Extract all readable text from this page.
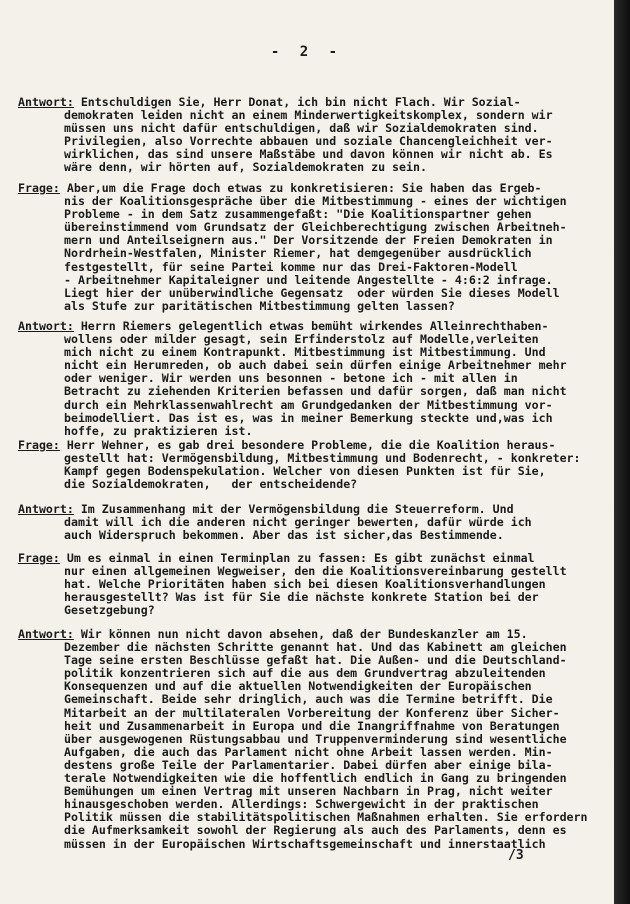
- 2 -
Antwort: Entschuldigen Sie, Herr Donat, ich bin nicht Flach. Wir Sozial-
demokraten leiden nicht an einem Minderwertigkeitskomplex, sondern wir
müssen uns nicht dafür entschuldigen, daß wir Sozialdemokraten sind.
Privilegien, also Vorrechte abbauen und soziale Chancengleichheit ver-
wirklichen, das sind unsere Maßstäbe und davon können wir nicht ab. Es
wäre denn, wir hörten auf, Sozialdemokraten zu sein.
Frage: Aber,um die Frage doch etwas zu konkretisieren: Sie haben das Ergeb-
nis der Koalitionsgespräche über die Mitbestimmung - eines der wichtigen
Probleme - in dem Satz zusammengefaßt: "Die Koalitionspartner gehen
übereinstimmend vom Grundsatz der Gleichberechtigung zwischen Arbeitneh-
mern und Anteilseignern aus." Der Vorsitzende der Freien Demokraten in
Nordrhein-Westfalen, Minister Riemer, hat demgegenüber ausdrücklich
festgestellt, für seine Partei komme nur das Drei-Faktoren-Modell
- Arbeitnehmer Kapitaleigner und leitende Angestellte - 4:6:2 infrage.
Liegt hier der unüberwindliche Gegensatz  oder würden Sie dieses Modell
als Stufe zur paritätischen Mitbestimmung gelten lassen?
Antwort: Herrn Riemers gelegentlich etwas bemüht wirkendes Alleinrechthaben-
wollens oder milder gesagt, sein Erfinderstolz auf Modelle,verleiten
mich nicht zu einem Kontrapunkt. Mitbestimmung ist Mitbestimmung. Und
nicht ein Herumreden, ob auch dabei sein dürfen einige Arbeitnehmer mehr
oder weniger. Wir werden uns besonnen - betone ich - mit allen in
Betracht zu ziehenden Kriterien befassen und dafür sorgen, daß man nicht
durch ein Mehrklassenwahlrecht am Grundgedanken der Mitbestimmung vor-
beimodelliert. Das ist es, was in meiner Bemerkung steckte und,was ich
hoffe, zu praktizieren ist.
Frage: Herr Wehner, es gab drei besondere Probleme, die die Koalition heraus-
gestellt hat: Vermögensbildung, Mitbestimmung und Bodenrecht, - konkreter:
Kampf gegen Bodenspekulation. Welcher von diesen Punkten ist für Sie,
die Sozialdemokraten,   der entscheidende?
Antwort: Im Zusammenhang mit der Vermögensbildung die Steuerreform. Und
damit will ich die anderen nicht geringer bewerten, dafür würde ich
auch Widerspruch bekommen. Aber das ist sicher,das Bestimmende.
Frage: Um es einmal in einen Terminplan zu fassen: Es gibt zunächst einmal
nur einen allgemeinen Wegweiser, den die Koalitionsvereinbarung gestellt
hat. Welche Prioritäten haben sich bei diesen Koalitionsverhandlungen
herausgestellt? Was ist für Sie die nächste konkrete Station bei der
Gesetzgebung?
Antwort: Wir können nun nicht davon absehen, daß der Bundeskanzler am 15.
Dezember die nächsten Schritte genannt hat. Und das Kabinett am gleichen
Tage seine ersten Beschlüsse gefaßt hat. Die Außen- und die Deutschland-
politik konzentrieren sich auf die aus dem Grundvertrag abzuleitenden
Konsequenzen und auf die aktuellen Notwendigkeiten der Europäischen
Gemeinschaft. Beide sehr dringlich, auch was die Termine betrifft. Die
Mitarbeit an der multilateralen Vorbereitung der Konferenz über Sicher-
heit und Zusammenarbeit in Europa und die Inangriffnahme von Beratungen
über ausgewogenen Rüstungsabbau und Truppenverminderung sind wesentliche
Aufgaben, die auch das Parlament nicht ohne Arbeit lassen werden. Min-
destens große Teile der Parlamentarier. Dabei dürfen aber einige bila-
terale Notwendigkeiten wie die hoffentlich endlich in Gang zu bringenden
Bemühungen um einen Vertrag mit unseren Nachbarn in Prag, nicht weiter
hinausgeschoben werden. Allerdings: Schwergewicht in der praktischen
Politik müssen die stabilitätspolitischen Maßnahmen erhalten. Sie erfordern
die Aufmerksamkeit sowohl der Regierung als auch des Parlaments, denn es
müssen in der Europäischen Wirtschaftsgemeinschaft und innerstaatlich
/3
